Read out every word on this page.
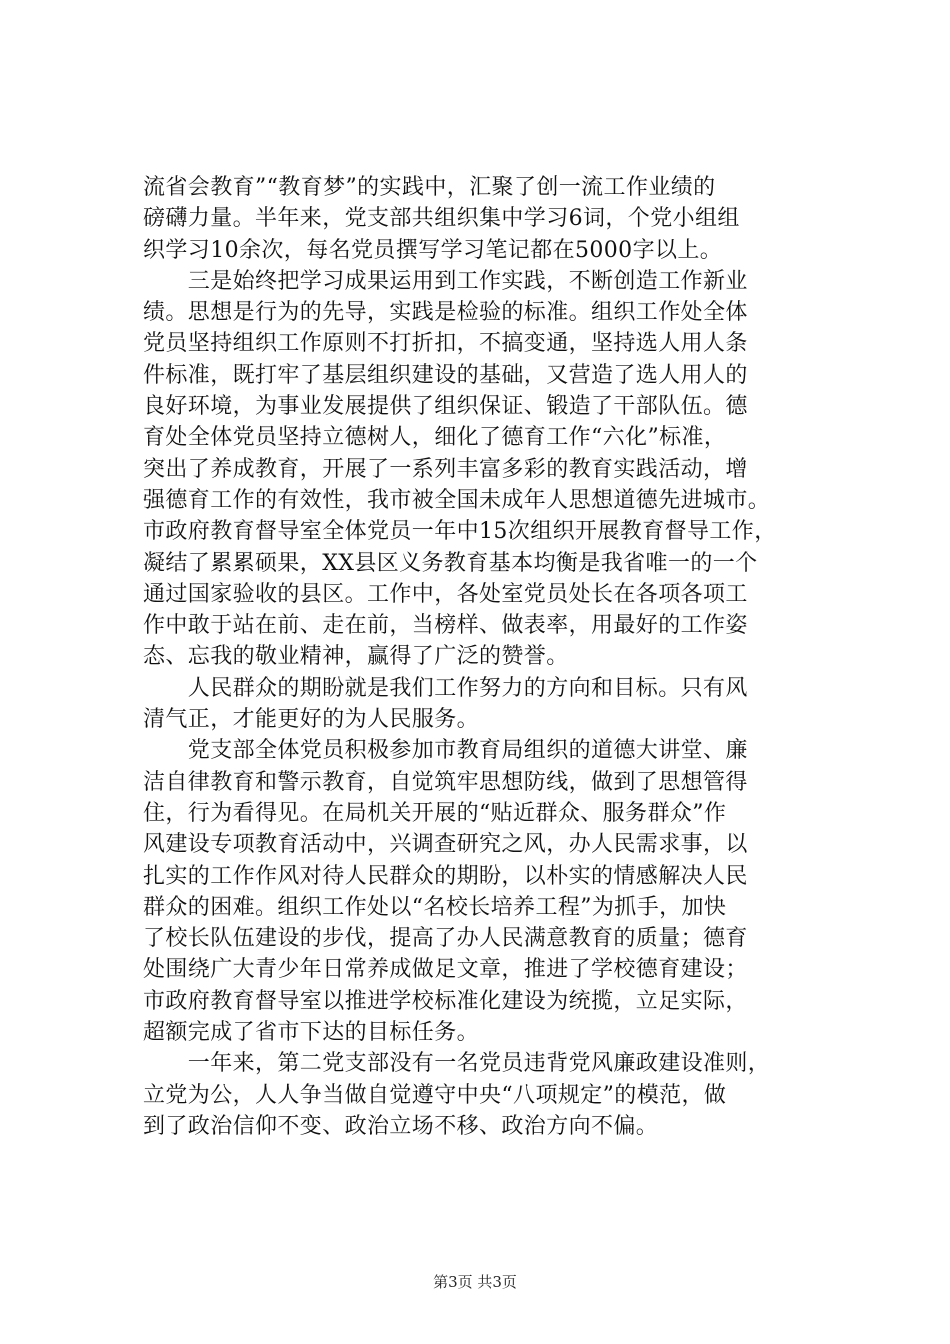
流省会教育”“教育梦”的实践中，汇聚了创一流工作业绩的
磅礴力量。半年来，党支部共组织集中学习6词，个党小组组
织学习10余次，每名党员撰写学习笔记都在5000字以上。
　　三是始终把学习成果运用到工作实践，不断创造工作新业
绩。思想是行为的先导，实践是检验的标准。组织工作处全体
党员坚持组织工作原则不打折扣，不搞变通，坚持选人用人条
件标准，既打牢了基层组织建设的基础，又营造了选人用人的
良好环境，为事业发展提供了组织保证、锻造了干部队伍。德
育处全体党员坚持立德树人，细化了德育工作“六化”标准，
突出了养成教育，开展了一系列丰富多彩的教育实践活动，增
强德育工作的有效性，我市被全国未成年人思想道德先进城市。
市政府教育督导室全体党员一年中15次组织开展教育督导工作，
凝结了累累硕果，XX县区义务教育基本均衡是我省唯一的一个
通过国家验收的县区。工作中，各处室党员处长在各项各项工
作中敢于站在前、走在前，当榜样、做表率，用最好的工作姿
态、忘我的敬业精神，赢得了广泛的赞誉。
　　人民群众的期盼就是我们工作努力的方向和目标。只有风
清气正，才能更好的为人民服务。
　　党支部全体党员积极参加市教育局组织的道德大讲堂、廉
洁自律教育和警示教育，自觉筑牢思想防线，做到了思想管得
住，行为看得见。在局机关开展的“贴近群众、服务群众”作
风建设专项教育活动中，兴调查研究之风，办人民需求事，以
扎实的工作作风对待人民群众的期盼，以朴实的情感解决人民
群众的困难。组织工作处以“名校长培养工程”为抓手，加快
了校长队伍建设的步伐，提高了办人民满意教育的质量；德育
处围绕广大青少年日常养成做足文章，推进了学校德育建设；
市政府教育督导室以推进学校标准化建设为统揽，立足实际，
超额完成了省市下达的目标任务。
　　一年来，第二党支部没有一名党员违背党风廉政建设准则，
立党为公，人人争当做自觉遵守中央“八项规定”的模范，做
到了政治信仰不变、政治立场不移、政治方向不偏。
第3页 共3页
